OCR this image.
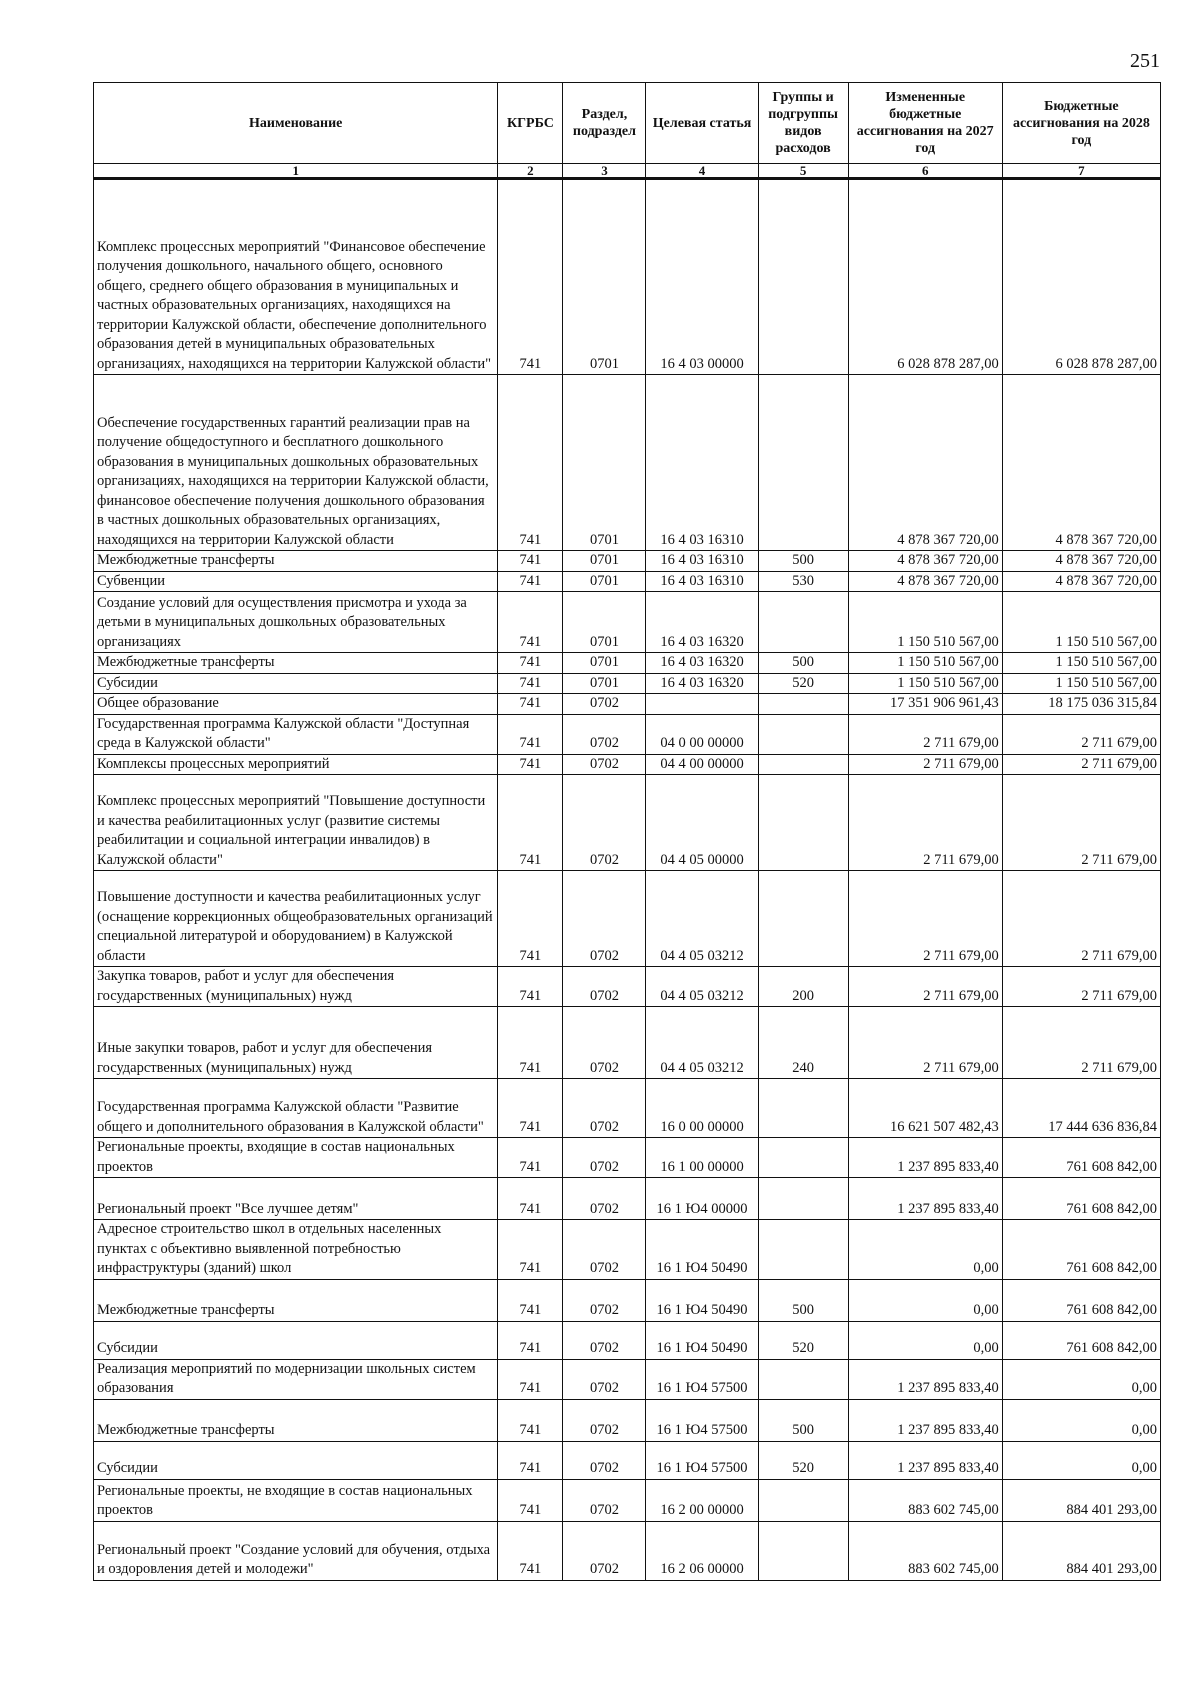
251
Наименование	КГРБС	Раздел, подраздел	Целевая статья	Группы и подгруппы видов расходов	Измененные бюджетные ассигнования на 2027 год	Бюджетные ассигнования на 2028 год
1	2	3	4	5	6	7
Комплекс процессных мероприятий "Финансовое обеспечение получения дошкольного, начального общего, основного общего, среднего общего образования в муниципальных и частных образовательных организациях, находящихся на территории Калужской области, обеспечение дополнительного образования детей в муниципальных образовательных организациях, находящихся на территории Калужской области"	741	0701	16 4 03 00000		6 028 878 287,00	6 028 878 287,00
Обеспечение государственных гарантий реализации прав на получение общедоступного и бесплатного дошкольного образования в муниципальных дошкольных образовательных организациях, находящихся на территории Калужской области, финансовое обеспечение получения дошкольного образования в частных дошкольных образовательных организациях, находящихся на территории Калужской области	741	0701	16 4 03 16310		4 878 367 720,00	4 878 367 720,00
Межбюджетные трансферты	741	0701	16 4 03 16310	500	4 878 367 720,00	4 878 367 720,00
Субвенции	741	0701	16 4 03 16310	530	4 878 367 720,00	4 878 367 720,00
Создание условий для осуществления присмотра и ухода за детьми в муниципальных дошкольных образовательных организациях	741	0701	16 4 03 16320		1 150 510 567,00	1 150 510 567,00
Межбюджетные трансферты	741	0701	16 4 03 16320	500	1 150 510 567,00	1 150 510 567,00
Субсидии	741	0701	16 4 03 16320	520	1 150 510 567,00	1 150 510 567,00
Общее образование	741	0702			17 351 906 961,43	18 175 036 315,84
Государственная программа Калужской области "Доступная среда в Калужской области"	741	0702	04 0 00 00000		2 711 679,00	2 711 679,00
Комплексы процессных мероприятий	741	0702	04 4 00 00000		2 711 679,00	2 711 679,00
Комплекс процессных мероприятий "Повышение доступности и качества реабилитационных услуг (развитие системы реабилитации и социальной интеграции инвалидов) в Калужской области"	741	0702	04 4 05 00000		2 711 679,00	2 711 679,00
Повышение доступности и качества реабилитационных услуг (оснащение коррекционных общеобразовательных организаций специальной литературой и оборудованием) в Калужской области	741	0702	04 4 05 03212		2 711 679,00	2 711 679,00
Закупка товаров, работ и услуг для обеспечения государственных (муниципальных) нужд	741	0702	04 4 05 03212	200	2 711 679,00	2 711 679,00
Иные закупки товаров, работ и услуг для обеспечения государственных (муниципальных) нужд	741	0702	04 4 05 03212	240	2 711 679,00	2 711 679,00
Государственная программа Калужской области "Развитие общего и дополнительного образования в Калужской области"	741	0702	16 0 00 00000		16 621 507 482,43	17 444 636 836,84
Региональные проекты, входящие в состав национальных проектов	741	0702	16 1 00 00000		1 237 895 833,40	761 608 842,00
Региональный проект "Все лучшее детям"	741	0702	16 1 Ю4 00000		1 237 895 833,40	761 608 842,00
Адресное строительство школ в отдельных населенных пунктах с объективно выявленной потребностью инфраструктуры (зданий) школ	741	0702	16 1 Ю4 50490		0,00	761 608 842,00
Межбюджетные трансферты	741	0702	16 1 Ю4 50490	500	0,00	761 608 842,00
Субсидии	741	0702	16 1 Ю4 50490	520	0,00	761 608 842,00
Реализация мероприятий по модернизации школьных систем образования	741	0702	16 1 Ю4 57500		1 237 895 833,40	0,00
Межбюджетные трансферты	741	0702	16 1 Ю4 57500	500	1 237 895 833,40	0,00
Субсидии	741	0702	16 1 Ю4 57500	520	1 237 895 833,40	0,00
Региональные проекты, не входящие в состав национальных проектов	741	0702	16 2 00 00000		883 602 745,00	884 401 293,00
Региональный проект "Создание условий для обучения, отдыха и оздоровления детей и молодежи"	741	0702	16 2 06 00000		883 602 745,00	884 401 293,00
